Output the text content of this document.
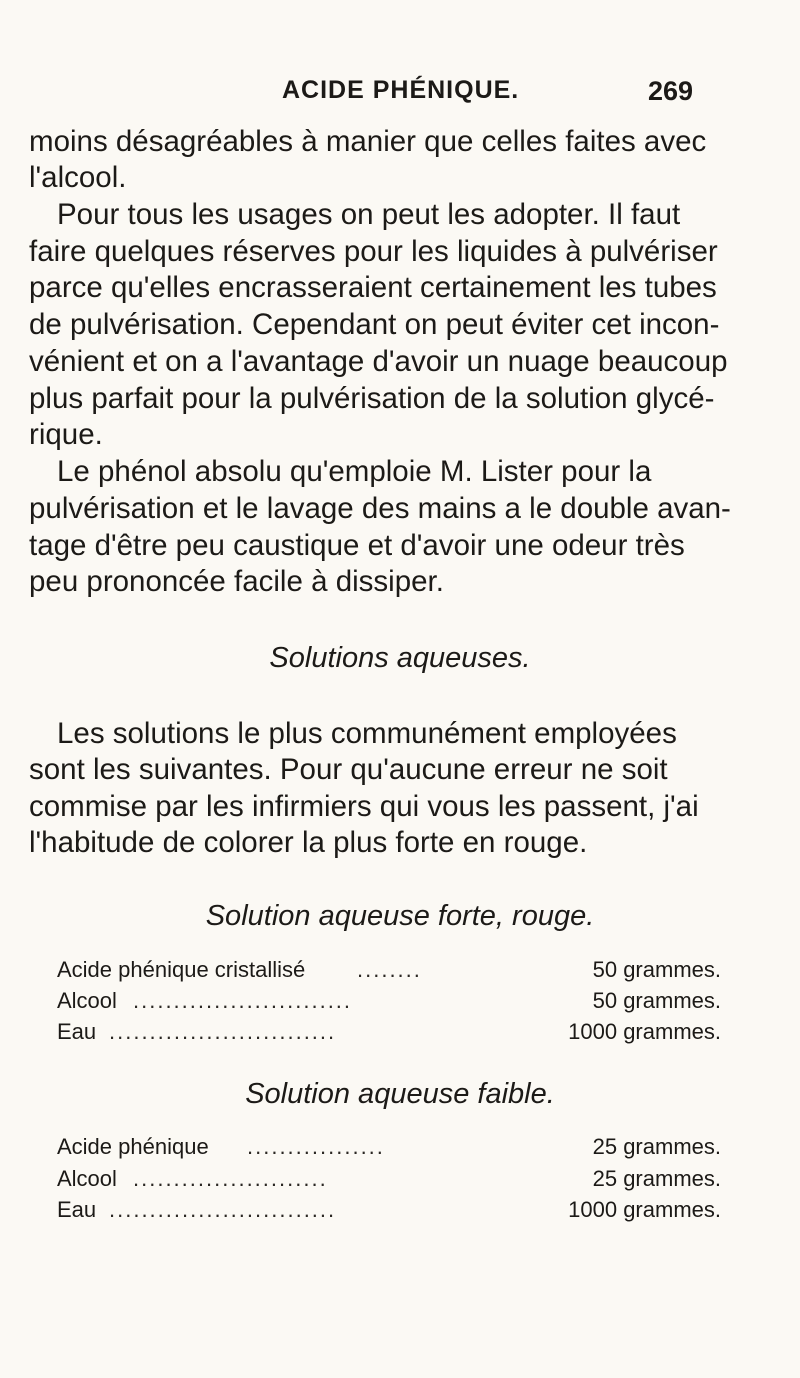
ACIDE PHÉNIQUE.	269
moins désagréables à manier que celles faites avec
l'alcool.
Pour tous les usages on peut les adopter. Il faut
faire quelques réserves pour les liquides à pulvériser
parce qu'elles encrasseraient certainement les tubes
de pulvérisation. Cependant on peut éviter cet incon-
vénient et on a l'avantage d'avoir un nuage beaucoup
plus parfait pour la pulvérisation de la solution glycé-
rique.
Le phénol absolu qu'emploie M. Lister pour la
pulvérisation et le lavage des mains a le double avan-
tage d'être peu caustique et d'avoir une odeur très
peu prononcée facile à dissiper.
Solutions aqueuses.
Les solutions le plus communément employées
sont les suivantes. Pour qu'aucune erreur ne soit
commise par les infirmiers qui vous les passent, j'ai
l'habitude de colorer la plus forte en rouge.
Solution aqueuse forte, rouge.
Acide phénique cristallisé ........	50 grammes.
Alcool ...........................	50 grammes.
Eau ............................	1000 grammes.
Solution aqueuse faible.
Acide phénique .................	25 grammes.
Alcool ........................	25 grammes.
Eau ............................	1000 grammes.
